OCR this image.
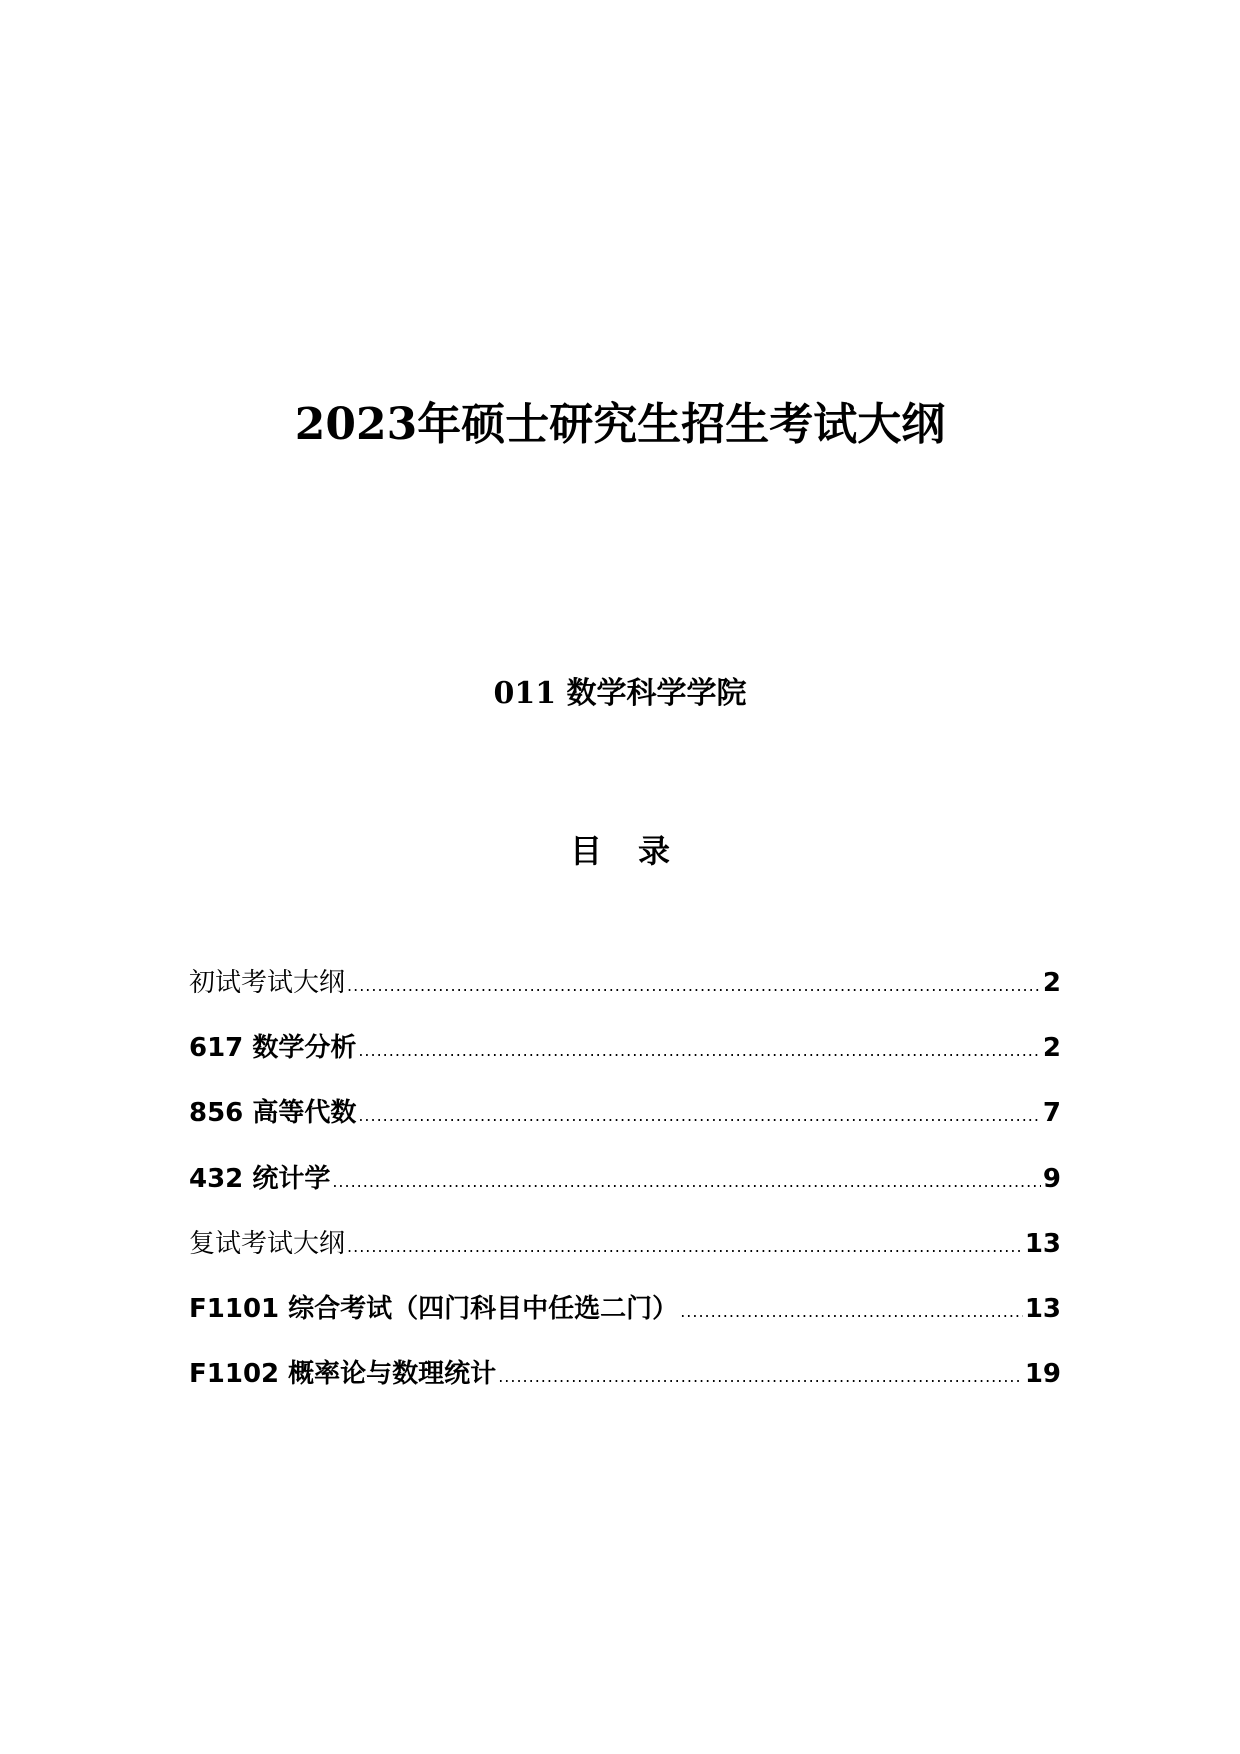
2023年硕士研究生招生考试大纲
011 数学科学学院
目录
初试考试大纲 .....	2
617 数学分析 .....	2
856 高等代数 .....	7
432 统计学 .....	9
复试考试大纲 .....	13
F1101 综合考试（四门科目中任选二门） .....	13
F1102 概率论与数理统计 .....	19
